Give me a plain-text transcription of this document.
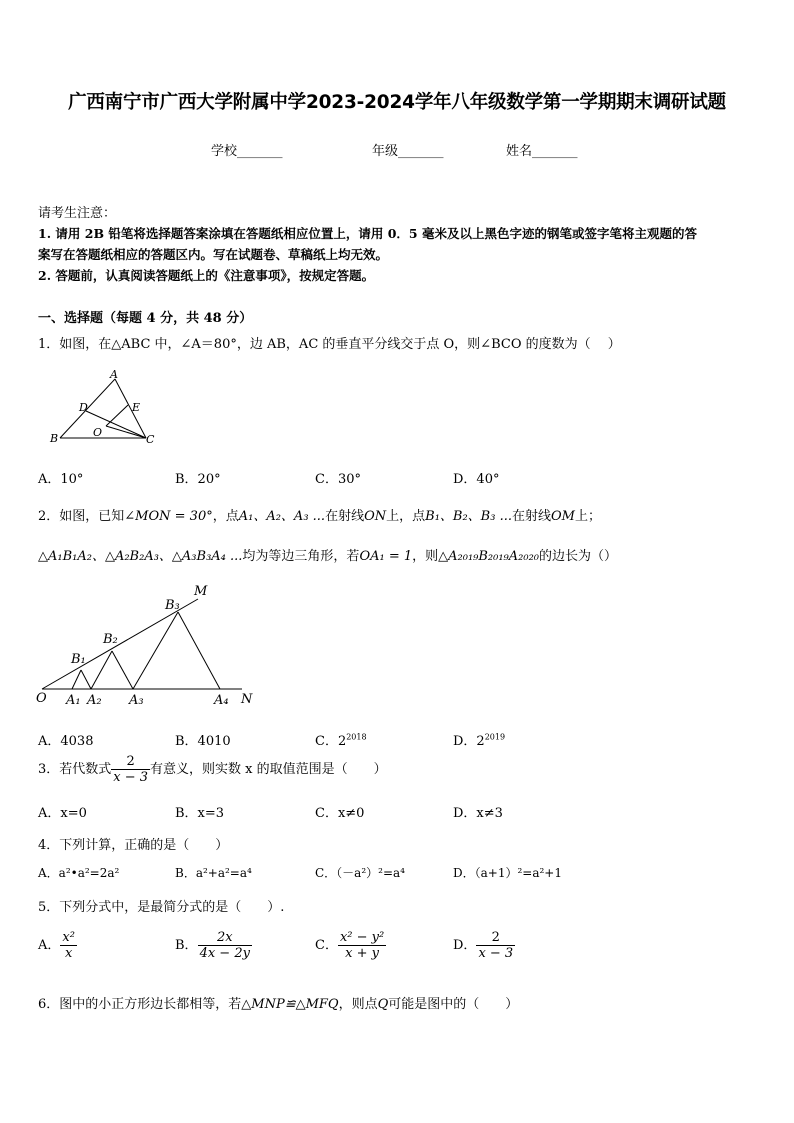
广西南宁市广西大学附属中学2023-2024学年八年级数学第一学期期末调研试题
学校_______	年级_______	姓名_______
请考生注意：
1. 请用 2B 铅笔将选择题答案涂填在答题纸相应位置上，请用 0．5 毫米及以上黑色字迹的钢笔或签字笔将主观题的答
案写在答题纸相应的答题区内。写在试题卷、草稿纸上均无效。
2. 答题前，认真阅读答题纸上的《注意事项》，按规定答题。
一、选择题（每题 4 分，共 48 分）
1．如图，在△ABC 中，∠A＝80°，边 AB，AC 的垂直平分线交于点 O，则∠BCO 的度数为（　 ）
A
D	E
O
B	C
A．10°	B．20°	C．30°	D．40°
2．如图，已知∠MON = 30°，点A₁、A₂、A₃ ...在射线ON上，点B₁、B₂、B₃ ...在射线OM上；
△A₁B₁A₂、△A₂B₂A₃、△A₃B₃A₄ ...均为等边三角形，若OA₁ = 1，则△A₂₀₁₉B₂₀₁₉A₂₀₂₀的边长为（）
M
B₃
B₂
B₁
O A₁ A₂ A₃	A₄ N
A．4038	B．4010	C．$2^{2018}$	D．$2^{2019}$
3．若代数式 $\frac{2}{x - 3}$ 有意义，则实数 x 的取值范围是（　　）
A．x=0	B．x=3	C．x≠0	D．x≠3
4．下列计算，正确的是（　　）
A．a²•a²=2a²	B．a²+a²=a⁴	C．（－a²）²=a⁴	D．（a+1）²=a²+1
5．下列分式中，是最简分式的是（　　）.
A． $\frac{\text{x²}}{x}$	B． $\frac{2x}{4x - 2y}$	C． $\frac{\text{x² − y²}}{x + y}$	D． $\frac{2}{x - 3}$
6．图中的小正方形边长都相等，若△MNP≌△MFQ，则点Q可能是图中的（　　）
